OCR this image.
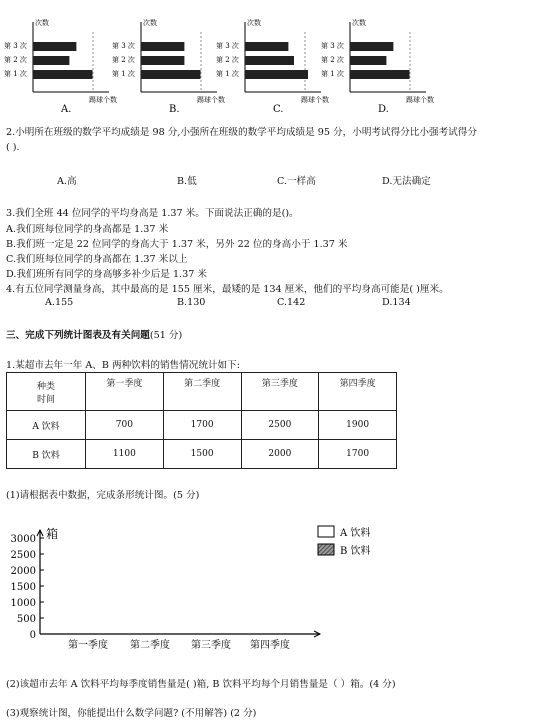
次数
踢球个数
第 3 次
第 2 次
第 1 次
A.
次数
踢球个数
第 3 次
第 2 次
第 1 次
B.
次数
踢球个数
第 3 次
第 2 次
第 1 次
C.
次数
踢球个数
第 3 次
第 2 次
第 1 次
D.
2.小明所在班级的数学平均成绩是 98 分,小强所在班级的数学平均成绩是 95 分，小明考试得分比小强考试得分
( ).
A.高	B.低	C.一样高	D.无法确定
3.我们全班 44 位同学的平均身高是 1.37 米。下面说法正确的是()。
A.我们班每位同学的身高都是 1.37 米
B.我们班一定是 22 位同学的身高大于 1.37 米，另外 22 位的身高小于 1.37 米
C.我们班每位同学的身高都在 1.37 米以上
D.我们班所有同学的身高够多补少后是 1.37 米
4.有五位同学测量身高，其中最高的是 155 厘米，最矮的是 134 厘米，他们的平均身高可能是( )厘米。
A.155	B.130	C.142	D.134
三、完成下列统计图表及有关问题(51 分)
1.某超市去年一年 A、B 两种饮料的销售情况统计如下:
种类
时间	第一季度	第二季度	第三季度	第四季度
A 饮料	700	1700	2500	1900
B 饮料	1100	1500	2000	1700
(1)请根据表中数据，完成条形统计图。(5 分)
箱
0
500
1000
1500
2000
2500
3000
第一季度 第二季度 第三季度 第四季度
A 饮料
B 饮料
(2)该超市去年 A 饮料平均每季度销售量是( )箱, B 饮料平均每个月销售量是（ ）箱。(4 分)
(3)观察统计图，你能提出什么数学问题? (不用解答) (2 分)
